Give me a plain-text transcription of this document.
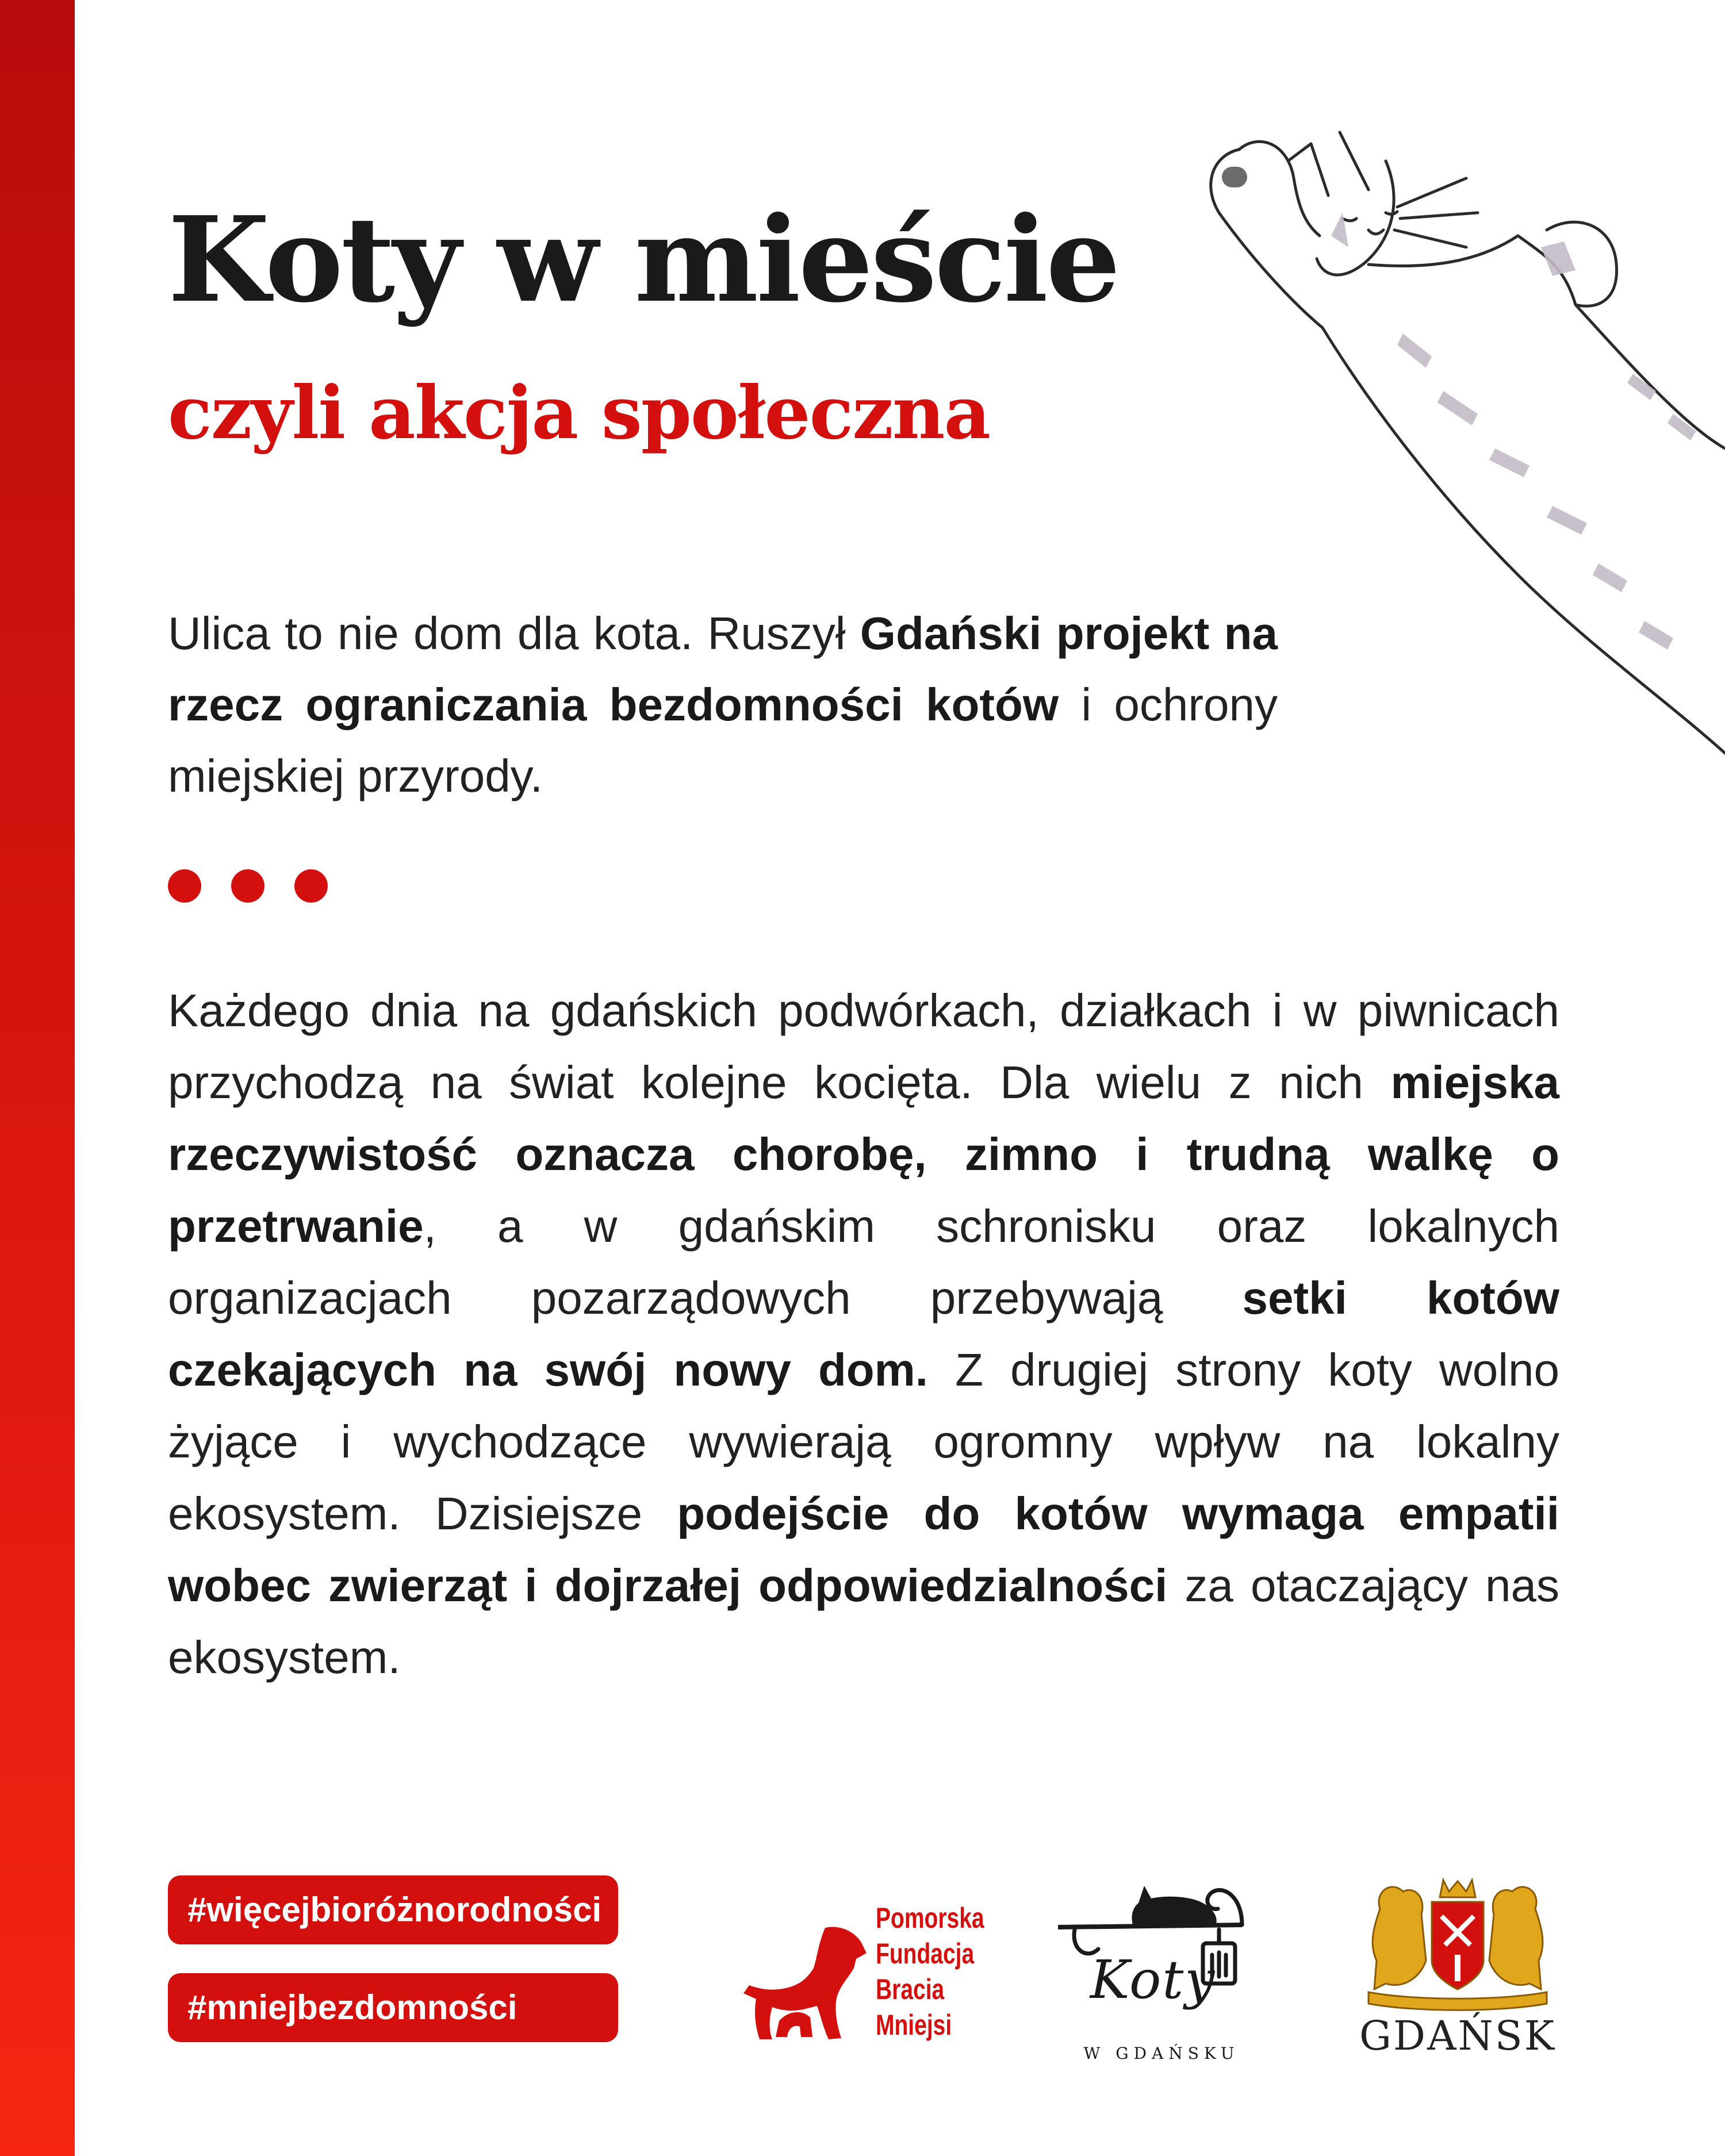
Koty w mieście
czyli akcja społeczna

Ulica to nie dom dla kota. Ruszył Gdański projekt na rzecz ograniczania bezdomności kotów i ochrony miejskiej przyrody.

Każdego dnia na gdańskich podwórkach, działkach i w piwnicach przychodzą na świat kolejne kocięta. Dla wielu z nich miejska rzeczywistość oznacza chorobę, zimno i trudną walkę o przetrwanie, a w gdańskim schronisku oraz lokalnych organizacjach pozarządowych przebywają setki kotów czekających na swój nowy dom. Z drugiej strony koty wolno żyjące i wychodzące wywierają ogromny wpływ na lokalny ekosystem. Dzisiejsze podejście do kotów wymaga empatii wobec zwierząt i dojrzałej odpowiedzialności za otaczający nas ekosystem.

#więcejbioróżnorodności
#mniejbezdomności
Pomorska
Fundacja
Bracia
Mniejsi
Koty
W GDAŃSKU	GDAŃSK
